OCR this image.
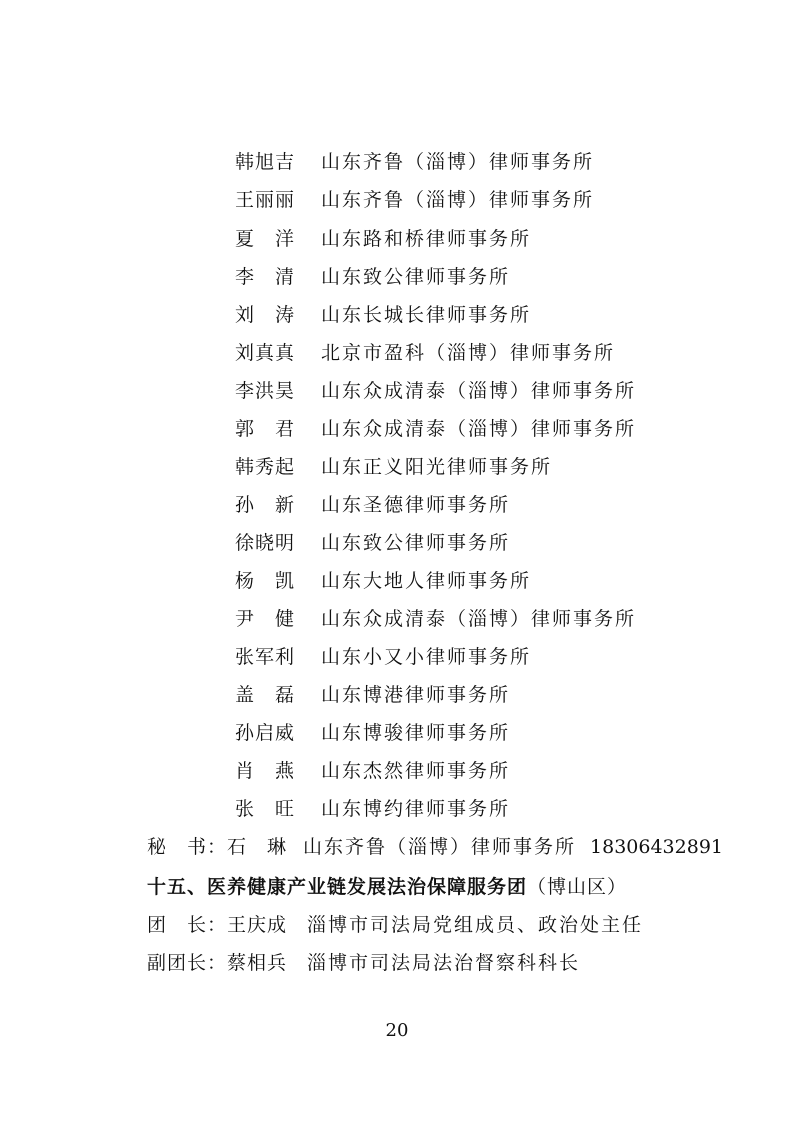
韩旭吉 山东齐鲁（淄博）律师事务所
王丽丽 山东齐鲁（淄博）律师事务所
夏　洋 山东路和桥律师事务所
李　清 山东致公律师事务所
刘　涛 山东长城长律师事务所
刘真真 北京市盈科（淄博）律师事务所
李洪昊 山东众成清泰（淄博）律师事务所
郭　君 山东众成清泰（淄博）律师事务所
韩秀起 山东正义阳光律师事务所
孙　新 山东圣德律师事务所
徐晓明 山东致公律师事务所
杨　凯 山东大地人律师事务所
尹　健 山东众成清泰（淄博）律师事务所
张军利 山东小又小律师事务所
盖　磊 山东博港律师事务所
孙启威 山东博骏律师事务所
肖　燕 山东杰然律师事务所
张　旺 山东博约律师事务所
秘　书：石　琳 山东齐鲁（淄博）律师事务所 18306432891
十五、医养健康产业链发展法治保障服务团（博山区）
团　长：王庆成 淄博市司法局党组成员、政治处主任
副团长：蔡相兵 淄博市司法局法治督察科科长
20
